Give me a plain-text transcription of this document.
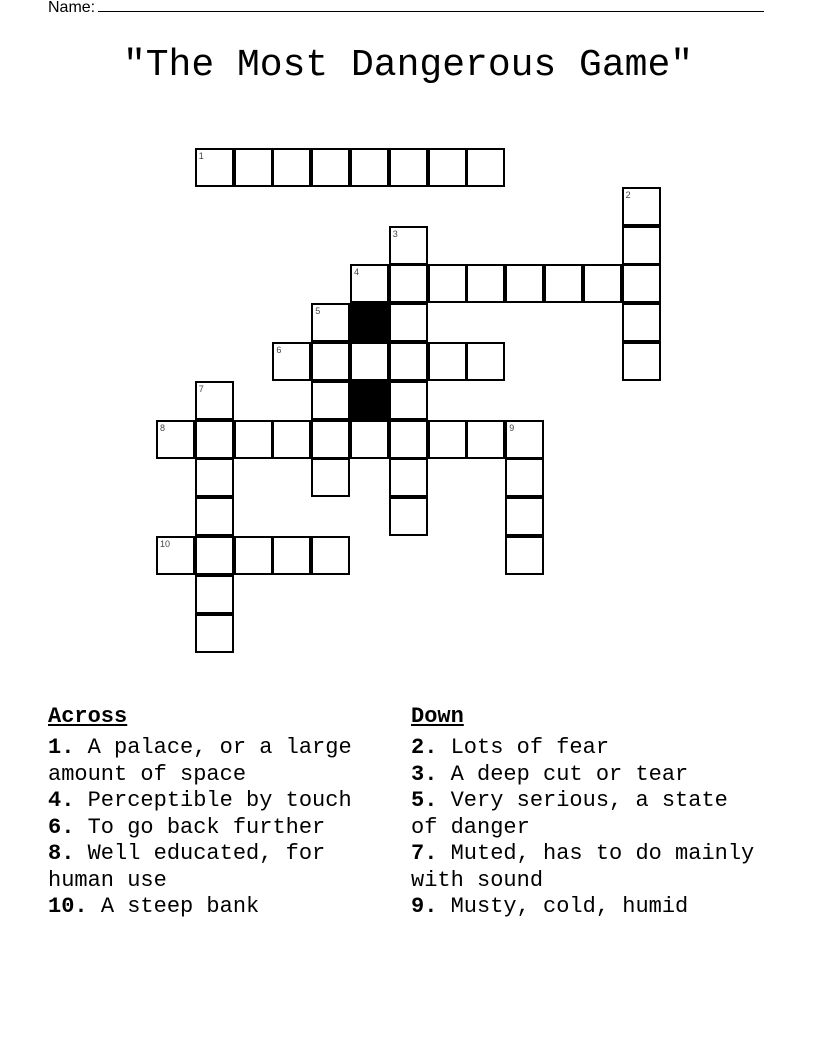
Name:
"The Most Dangerous Game"
1
2
3
4
5
6
7
8	9
10
Across

1. A palace, or a large amount of space

4. Perceptible by touch

6. To go back further

8. Well educated, for human use

10. A steep bank

Down

2. Lots of fear

3. A deep cut or tear

5. Very serious, a state of danger

7. Muted, has to do mainly with sound

9. Musty, cold, humid
